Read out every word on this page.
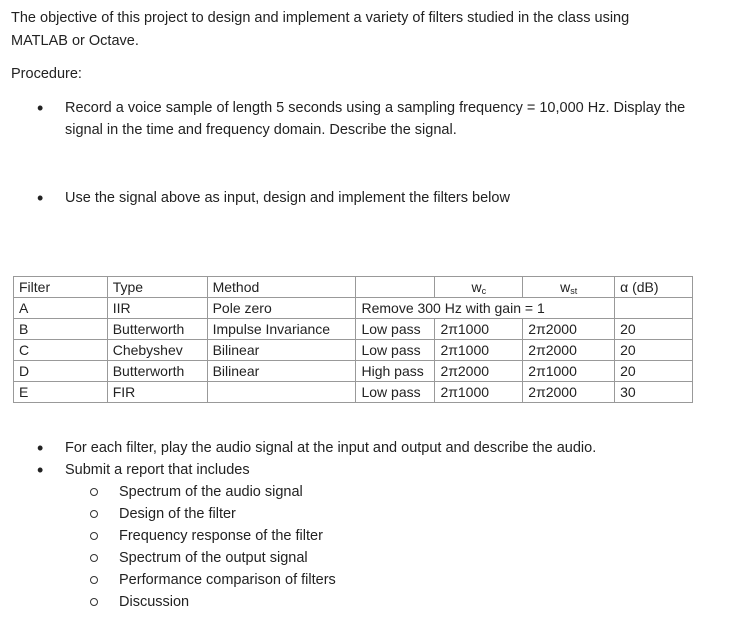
The objective of this project to design and implement a variety of filters studied in the class using
MATLAB or Octave.
Procedure:
• Record a voice sample of length 5 seconds using a sampling frequency = 10,000 Hz. Display the
signal in the time and frequency domain. Describe the signal.
• Use the signal above as input, design and implement the filters below
Filter	Type	Method		$w_c$	$w_{st}$	α (dB)
A	IIR	Pole zero	Remove 300 Hz with gain = 1			
B	Butterworth	Impulse Invariance	Low pass	2π1000	2π2000	20
C	Chebyshev	Bilinear	Low pass	2π1000	2π2000	20
D	Butterworth	Bilinear	High pass	2π2000	2π1000	20
E	FIR		Low pass	2π1000	2π2000	30
• For each filter, play the audio signal at the input and output and describe the audio.
• Submit a report that includes
Spectrum of the audio signal
Design of the filter
Frequency response of the filter
Spectrum of the output signal
Performance comparison of filters
Discussion
